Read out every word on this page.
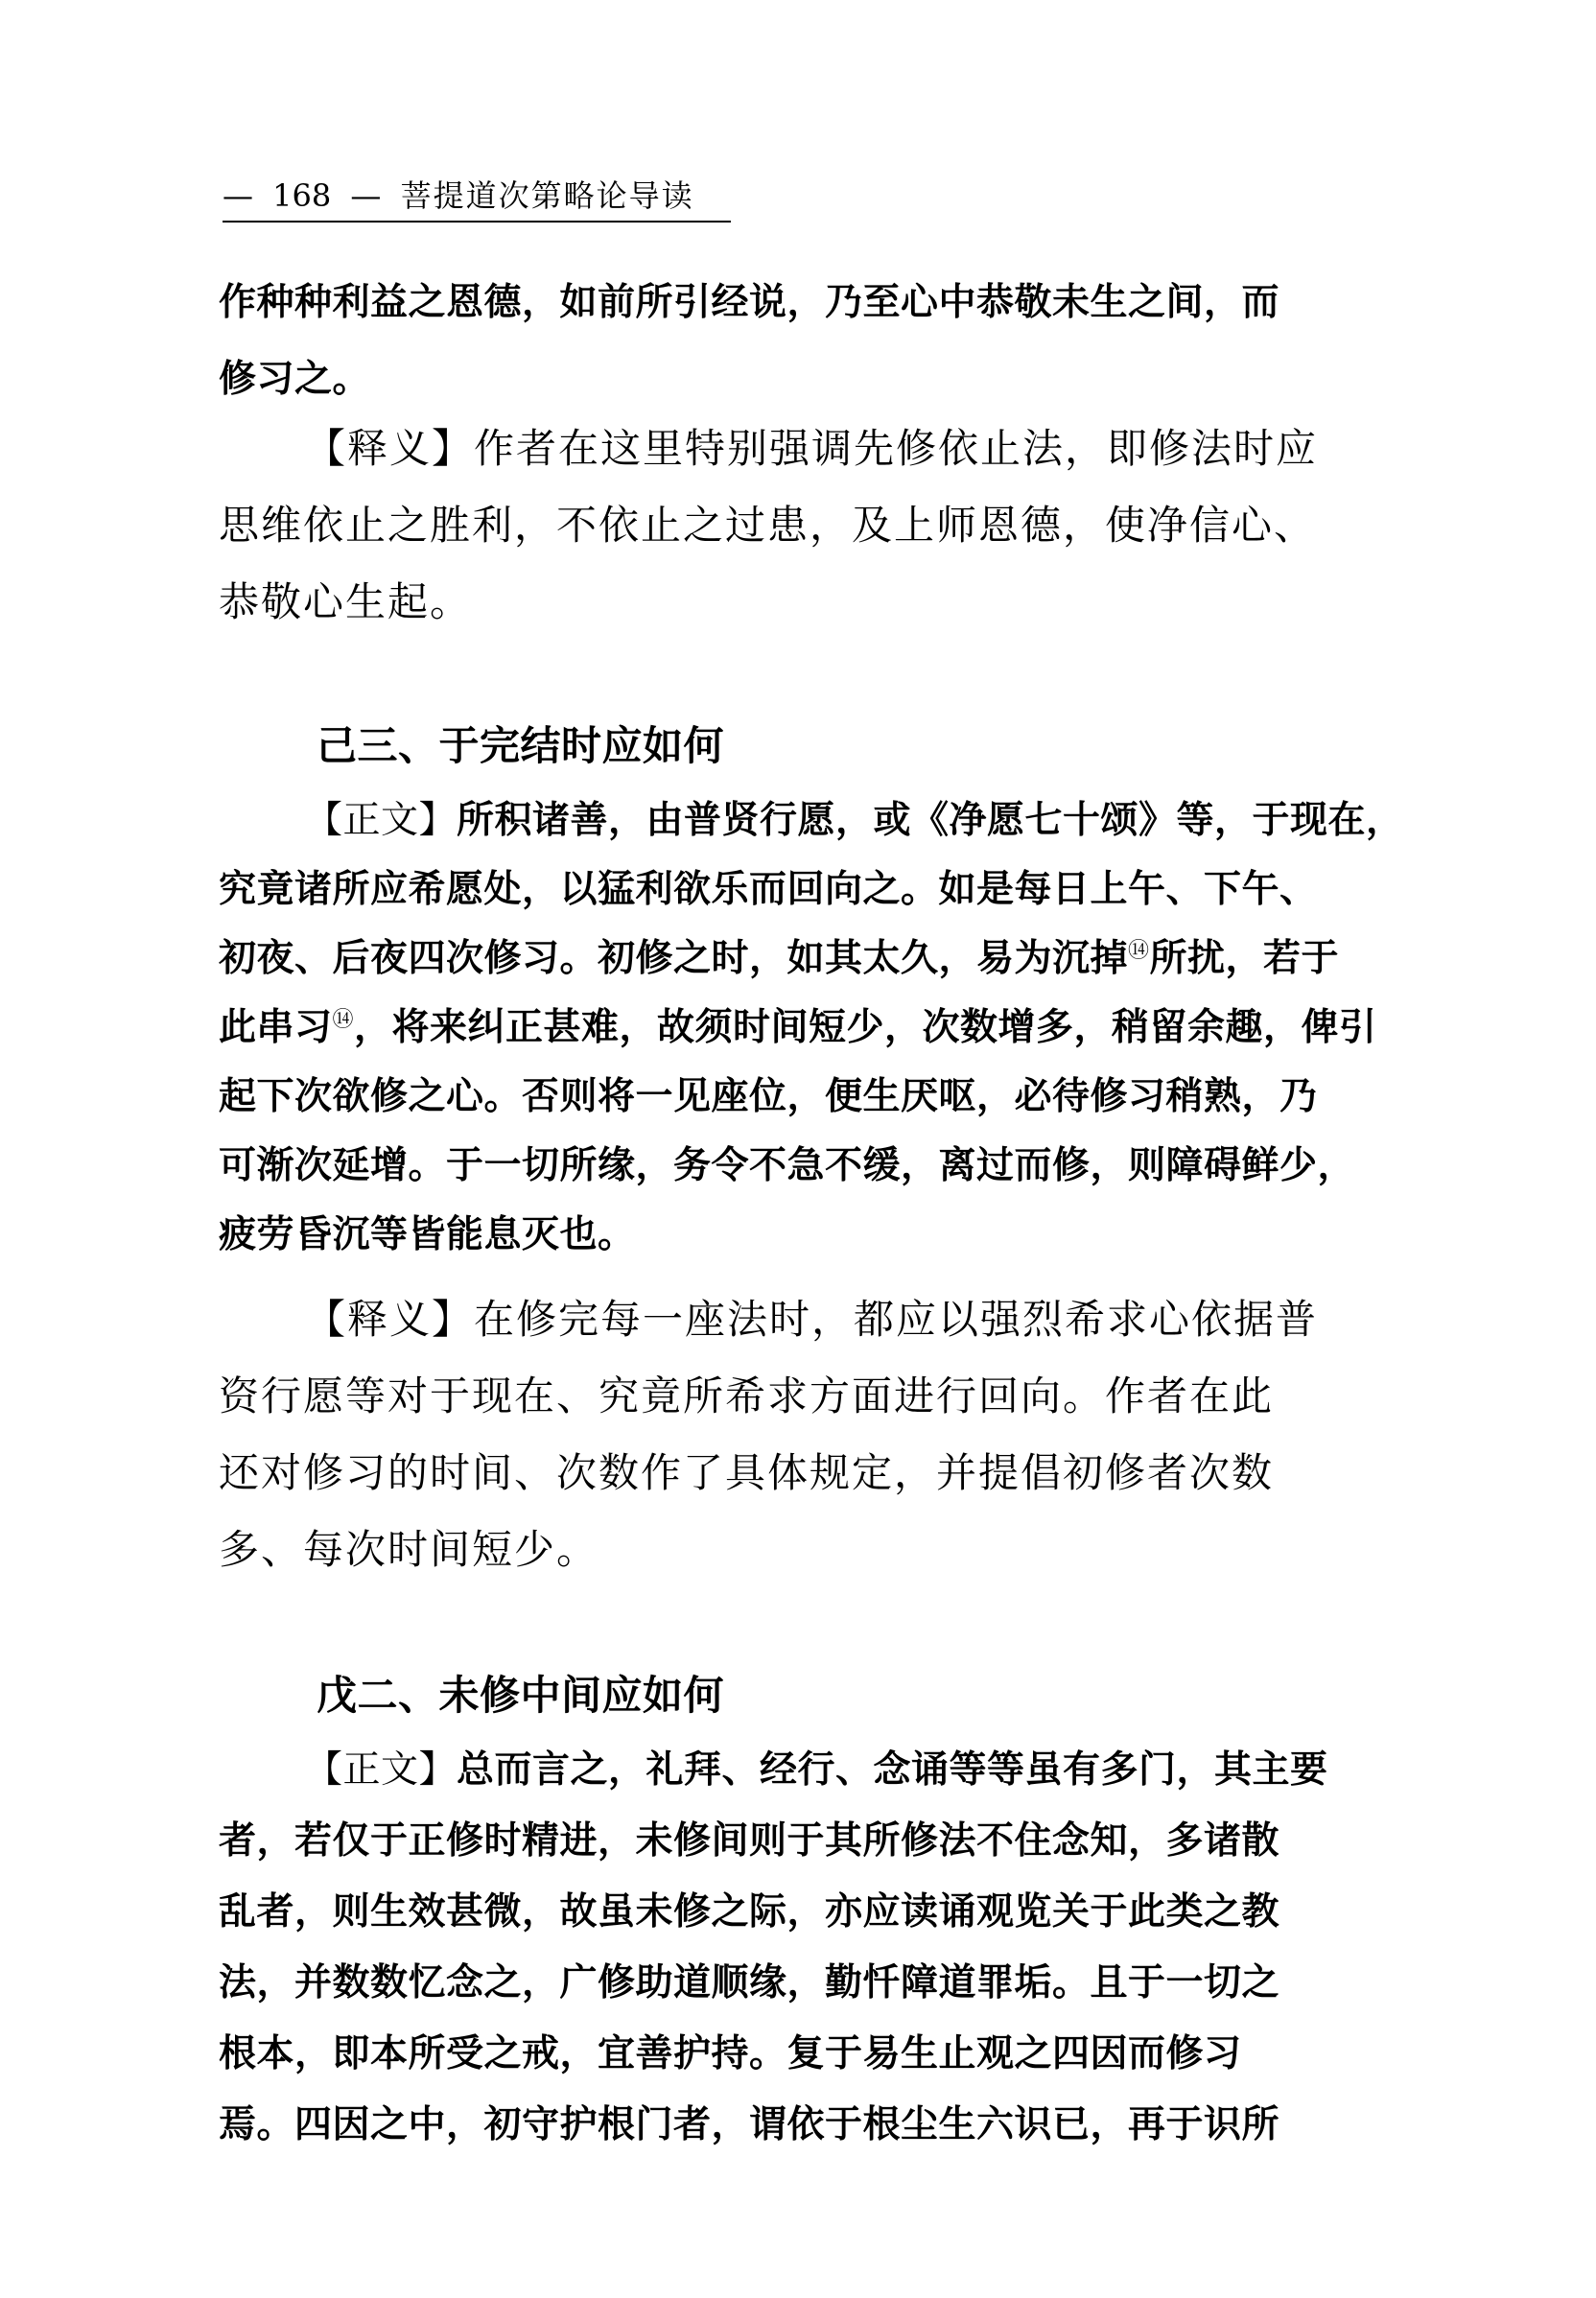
— 168 — 菩提道次第略论导读
作种种利益之恩德，如前所引经说，乃至心中恭敬未生之间，而
修习之。
【释义】作者在这里特别强调先修依止法，即修法时应
思维依止之胜利，不依止之过患，及上师恩德，使净信心、
恭敬心生起。
己三、于完结时应如何
【正文】所积诸善，由普贤行愿，或《净愿七十颂》等，于现在，
究竟诸所应希愿处，以猛利欲乐而回向之。如是每日上午、下午、
初夜、后夜四次修习。初修之时，如其太久，易为沉掉⑭所扰，若于
此串习⑭，将来纠正甚难，故须时间短少，次数增多，稍留余趣，俾引
起下次欲修之心。否则将一见座位，便生厌呕，必待修习稍熟，乃
可渐次延增。于一切所缘，务令不急不缓，离过而修，则障碍鲜少，
疲劳昏沉等皆能息灭也。
【释义】在修完每一座法时，都应以强烈希求心依据普
资行愿等对于现在、究竟所希求方面进行回向。作者在此
还对修习的时间、次数作了具体规定，并提倡初修者次数
多、每次时间短少。
戊二、未修中间应如何
【正文】总而言之，礼拜、经行、念诵等等虽有多门，其主要
者，若仅于正修时精进，未修间则于其所修法不住念知，多诸散
乱者，则生效甚微，故虽未修之际，亦应读诵观览关于此类之教
法，并数数忆念之，广修助道顺缘，勤忏障道罪垢。且于一切之
根本，即本所受之戒，宜善护持。复于易生止观之四因而修习
焉。四因之中，初守护根门者，谓依于根尘生六识已，再于识所
